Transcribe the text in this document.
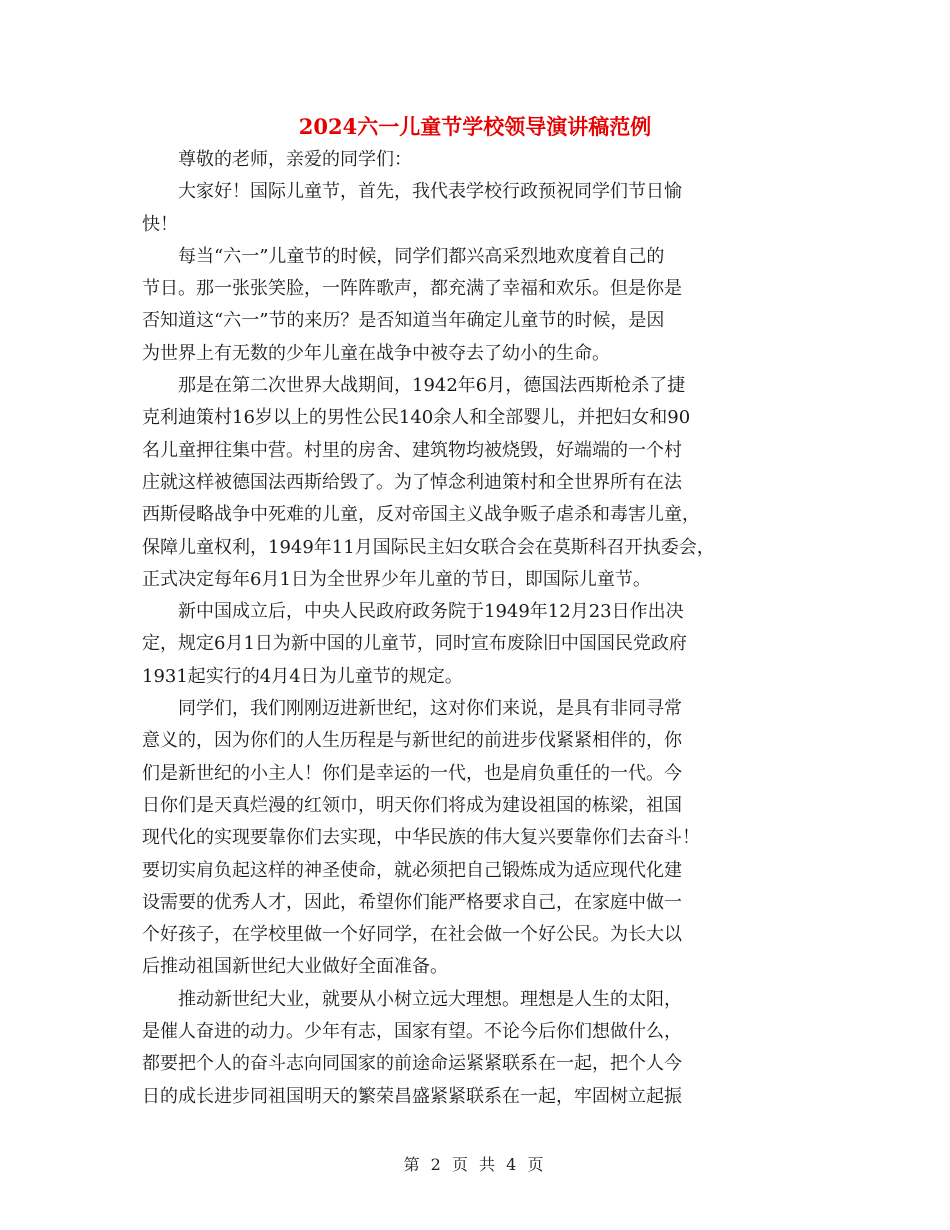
2024六一儿童节学校领导演讲稿范例

尊敬的老师，亲爱的同学们：

大家好！国际儿童节，首先，我代表学校行政预祝同学们节日愉
快！

每当“六一”儿童节的时候，同学们都兴高采烈地欢度着自己的
节日。那一张张笑脸，一阵阵歌声，都充满了幸福和欢乐。但是你是
否知道这“六一”节的来历？是否知道当年确定儿童节的时候，是因
为世界上有无数的少年儿童在战争中被夺去了幼小的生命。

那是在第二次世界大战期间，1942年6月，德国法西斯枪杀了捷
克利迪策村16岁以上的男性公民140余人和全部婴儿，并把妇女和90
名儿童押往集中营。村里的房舍、建筑物均被烧毁，好端端的一个村
庄就这样被德国法西斯给毁了。为了悼念利迪策村和全世界所有在法
西斯侵略战争中死难的儿童，反对帝国主义战争贩子虐杀和毒害儿童，
保障儿童权利，1949年11月国际民主妇女联合会在莫斯科召开执委会，
正式决定每年6月1日为全世界少年儿童的节日，即国际儿童节。

新中国成立后，中央人民政府政务院于1949年12月23日作出决
定，规定6月1日为新中国的儿童节，同时宣布废除旧中国国民党政府
1931起实行的4月4日为儿童节的规定。

同学们，我们刚刚迈进新世纪，这对你们来说，是具有非同寻常
意义的，因为你们的人生历程是与新世纪的前进步伐紧紧相伴的，你
们是新世纪的小主人！你们是幸运的一代，也是肩负重任的一代。今
日你们是天真烂漫的红领巾，明天你们将成为建设祖国的栋梁，祖国
现代化的实现要靠你们去实现，中华民族的伟大复兴要靠你们去奋斗！
要切实肩负起这样的神圣使命，就必须把自己锻炼成为适应现代化建
设需要的优秀人才，因此，希望你们能严格要求自己，在家庭中做一
个好孩子，在学校里做一个好同学，在社会做一个好公民。为长大以
后推动祖国新世纪大业做好全面准备。

推动新世纪大业，就要从小树立远大理想。理想是人生的太阳，
是催人奋进的动力。少年有志，国家有望。不论今后你们想做什么，
都要把个人的奋斗志向同国家的前途命运紧紧联系在一起，把个人今
日的成长进步同祖国明天的繁荣昌盛紧紧联系在一起，牢固树立起振

第 2 页 共 4 页
